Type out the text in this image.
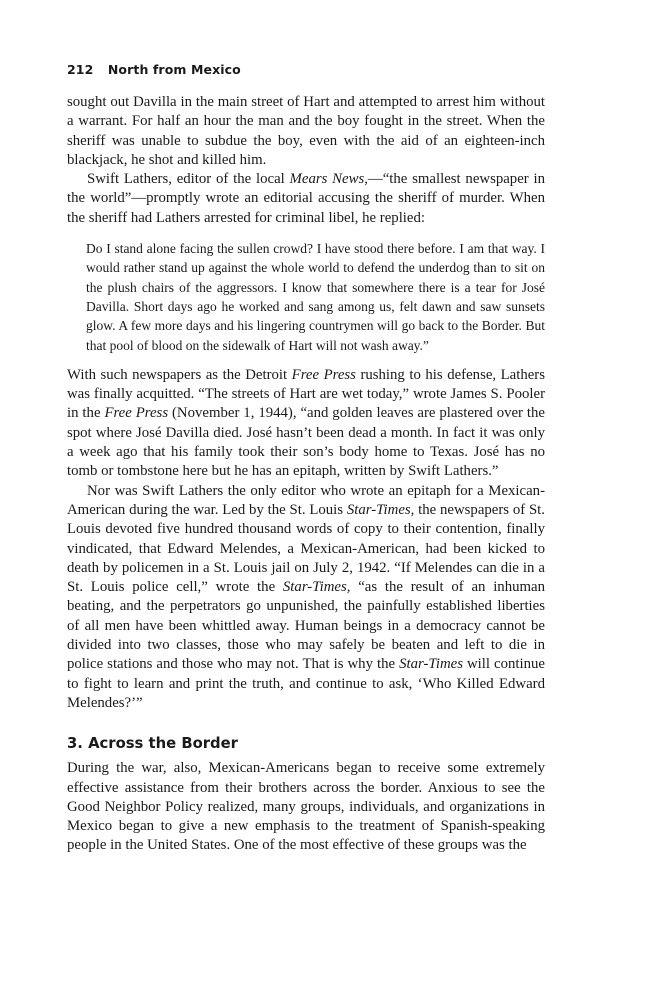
212 North from Mexico

sought out Davilla in the main street of Hart and attempted to arrest him without a warrant. For half an hour the man and the boy fought in the street. When the sheriff was unable to subdue the boy, even with the aid of an eighteen-inch blackjack, he shot and killed him.

Swift Lathers, editor of the local Mears News,—“the smallest newspaper in the world”—promptly wrote an editorial accusing the sheriff of murder. When the sheriff had Lathers arrested for criminal libel, he replied:

Do I stand alone facing the sullen crowd? I have stood there before. I am that way. I would rather stand up against the whole world to defend the underdog than to sit on the plush chairs of the aggressors. I know that somewhere there is a tear for José Davilla. Short days ago he worked and sang among us, felt dawn and saw sunsets glow. A few more days and his lingering countrymen will go back to the Border. But that pool of blood on the sidewalk of Hart will not wash away.”

With such newspapers as the Detroit Free Press rushing to his defense, Lathers was finally acquitted. “The streets of Hart are wet today,” wrote James S. Pooler in the Free Press (November 1, 1944), “and golden leaves are plastered over the spot where José Davilla died. José hasn’t been dead a month. In fact it was only a week ago that his family took their son’s body home to Texas. José has no tomb or tombstone here but he has an epitaph, written by Swift Lathers.”

Nor was Swift Lathers the only editor who wrote an epitaph for a Mexican-American during the war. Led by the St. Louis Star-Times, the newspapers of St. Louis devoted five hundred thousand words of copy to their contention, finally vindicated, that Edward Melendes, a Mexican-American, had been kicked to death by policemen in a St. Louis jail on July 2, 1942. “If Melendes can die in a St. Louis police cell,” wrote the Star-Times, “as the result of an inhuman beating, and the perpetrators go unpunished, the painfully established liberties of all men have been whittled away. Human beings in a democracy cannot be divided into two classes, those who may safely be beaten and left to die in police stations and those who may not. That is why the Star-Times will continue to fight to learn and print the truth, and continue to ask, ‘Who Killed Edward Melendes?’”

3. Across the Border

During the war, also, Mexican-Americans began to receive some extremely effective assistance from their brothers across the border. Anxious to see the Good Neighbor Policy realized, many groups, individuals, and organizations in Mexico began to give a new emphasis to the treatment of Spanish-speaking people in the United States. One of the most effective of these groups was the
